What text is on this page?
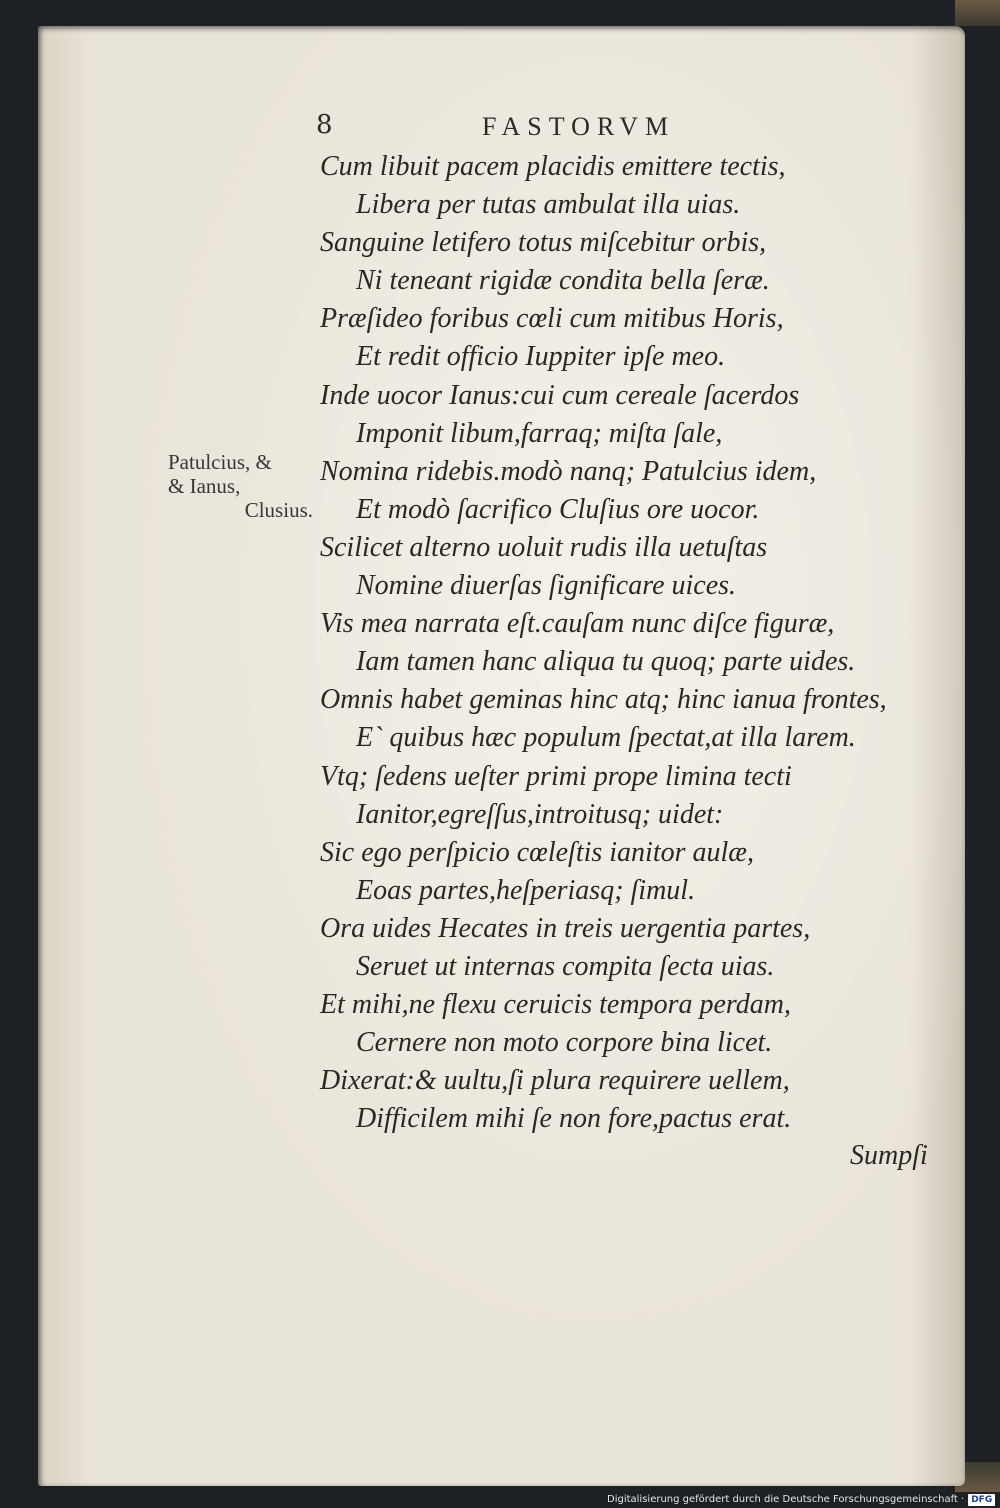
8	FASTORVM
Cum libuit pacem placidis emittere tectis,
Libera per tutas ambulat illa uias.
Sanguine letifero totus miſcebitur orbis,
Ni teneant rigidæ condita bella ſeræ.
Præſideo foribus cœli cum mitibus Horis,
Et redit officio Iuppiter ipſe meo.
Inde uocor Ianus:cui cum cereale ſacerdos
Imponit libum,farraq; miſta ſale,
Nomina ridebis.modò nanq; Patulcius idem,
Et modò ſacrifico Cluſius ore uocor.
Scilicet alterno uoluit rudis illa uetuſtas
Nomine diuerſas ſignificare uices.
Vis mea narrata eſt.cauſam nunc diſce figuræ,
Iam tamen hanc aliqua tu quoq; parte uides.
Omnis habet geminas hinc atq; hinc ianua frontes,
E` quibus hæc populum ſpectat,at illa larem.
Vtq; ſedens ueſter primi prope limina tecti
Ianitor,egreſſus,introitusq; uidet:
Sic ego perſpicio cœleſtis ianitor aulæ,
Eoas partes,heſperiasq; ſimul.
Ora uides Hecates in treis uergentia partes,
Seruet ut internas compita ſecta uias.
Et mihi,ne flexu ceruicis tempora perdam,
Cernere non moto corpore bina licet.
Dixerat:& uultu,ſi plura requirere uellem,
Difficilem mihi ſe non fore,pactus erat.
Patulcius, &
& Ianus,
Clusius.
Sumpſi
Digitalisierung gefördert durch die Deutsche Forschungsgemeinschaft · DFG
